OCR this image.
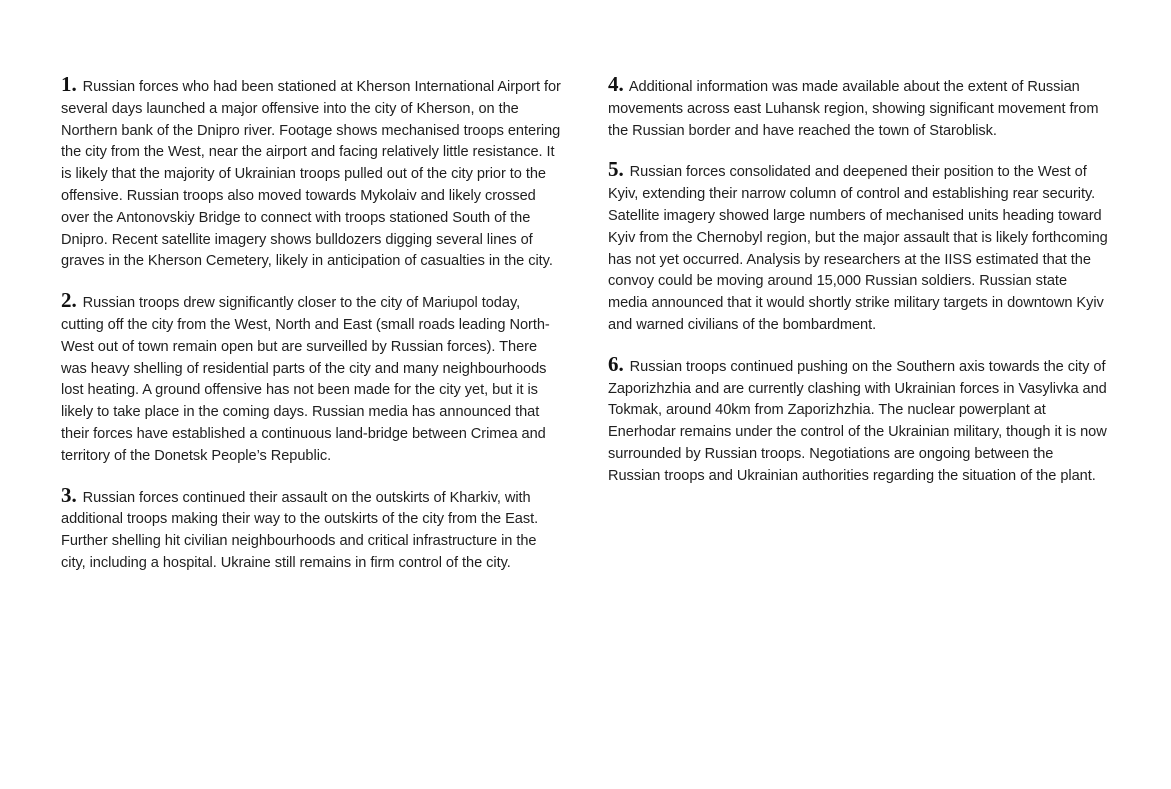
1. Russian forces who had been stationed at Kherson International Airport for several days launched a major offensive into the city of Kherson, on the Northern bank of the Dnipro river. Footage shows mechanised troops entering the city from the West, near the airport and facing relatively little resistance. It is likely that the majority of Ukrainian troops pulled out of the city prior to the offensive. Russian troops also moved towards Mykolaiv and likely crossed over the Antonovskiy Bridge to connect with troops stationed South of the Dnipro. Recent satellite imagery shows bulldozers digging several lines of graves in the Kherson Cemetery, likely in anticipation of casualties in the city.

2. Russian troops drew significantly closer to the city of Mariupol today, cutting off the city from the West, North and East (small roads leading North-West out of town remain open but are surveilled by Russian forces). There was heavy shelling of residential parts of the city and many neighbourhoods lost heating. A ground offensive has not been made for the city yet, but it is likely to take place in the coming days. Russian media has announced that their forces have established a continuous land-bridge between Crimea and territory of the Donetsk People’s Republic.

3. Russian forces continued their assault on the outskirts of Kharkiv, with additional troops making their way to the outskirts of the city from the East. Further shelling hit civilian neighbourhoods and critical infrastructure in the city, including a hospital. Ukraine still remains in firm control of the city.

4. Additional information was made available about the extent of Russian movements across east Luhansk region, showing significant movement from the Russian border and have reached the town of Staroblisk.

5. Russian forces consolidated and deepened their position to the West of Kyiv, extending their narrow column of control and establishing rear security. Satellite imagery showed large numbers of mechanised units heading toward Kyiv from the Chernobyl region, but the major assault that is likely forthcoming has not yet occurred. Analysis by researchers at the IISS estimated that the convoy could be moving around 15,000 Russian soldiers. Russian state media announced that it would shortly strike military targets in downtown Kyiv and warned civilians of the bombardment.

6. Russian troops continued pushing on the Southern axis towards the city of Zaporizhzhia and are currently clashing with Ukrainian forces in Vasylivka and Tokmak, around 40km from Zaporizhzhia. The nuclear powerplant at Enerhodar remains under the control of the Ukrainian military, though it is now surrounded by Russian troops. Negotiations are ongoing between the Russian troops and Ukrainian authorities regarding the situation of the plant.
